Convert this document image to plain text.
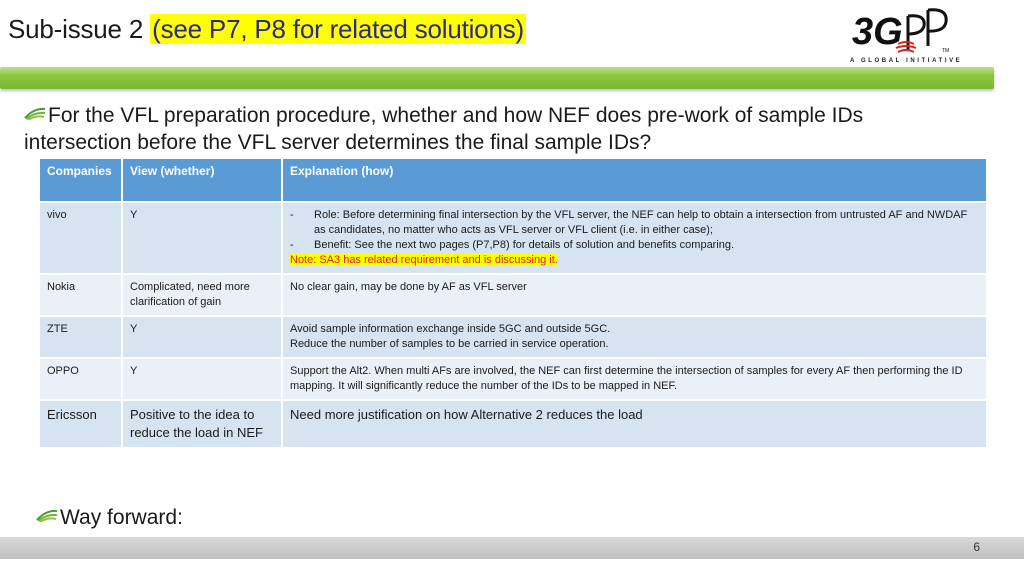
Sub-issue 2 (see P7, P8 for related solutions)	3G	TM
A GLOBAL INITIATIVE
For the VFL preparation procedure, whether and how NEF does pre-work of sample IDs intersection before the VFL server determines the final sample IDs?
Companies	View (whether)	Explanation (how)
vivo	Y	- Role: Before determining final intersection by the VFL server, the NEF can help to obtain a intersection from untrusted AF and NWDAF as candidates, no matter who acts as VFL server or VFL client (i.e. in either case);
- Benefit: See the next two pages (P7,P8) for details of solution and benefits comparing.
Note: SA3 has related requirement and is discussing it.

Nokia	Complicated, need more clarification of gain	No clear gain, may be done by AF as VFL server
ZTE	Y	Avoid sample information exchange inside 5GC and outside 5GC.
Reduce the number of samples to be carried in service operation.

OPPO	Y	Support the Alt2. When multi AFs are involved, the NEF can first determine the intersection of samples for every AF then performing the ID mapping. It will significantly reduce the number of the IDs to be mapped in NEF.
Ericsson	Positive to the idea to reduce the load in NEF	Need more justification on how Alternative 2 reduces the load
Way forward:
6
